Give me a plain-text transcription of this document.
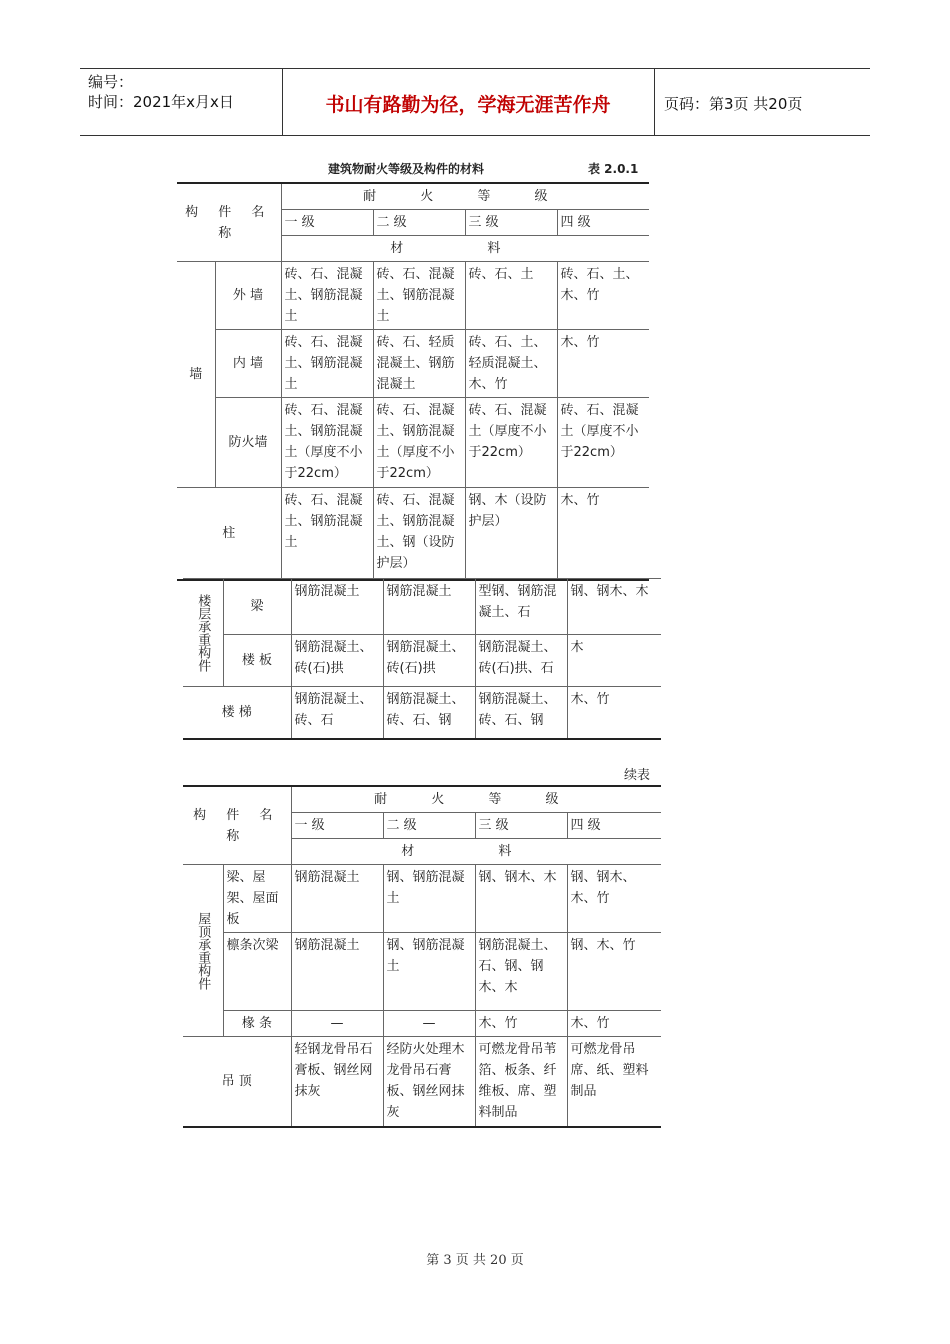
编号：
时间：2021年x月x日	书山有路勤为径，学海无涯苦作舟	页码：第3页 共20页
建筑物耐火等级及构件的材料	表 2.0.1
构 件 名 称		耐 火 等 级			
		一 级	二 级	三 级	四 级
		材 料			
墙	外 墙	砖、石、混凝土、钢筋混凝土	砖、石、混凝土、钢筋混凝土	砖、石、土	砖、石、土、木、竹
	内 墙	砖、石、混凝土、钢筋混凝土	砖、石、轻质混凝土、钢筋混凝土	砖、石、土、轻质混凝土、木、竹	木、竹
	防火墙	砖、石、混凝土、钢筋混凝土（厚度不小于22cm）	砖、石、混凝土、钢筋混凝土（厚度不小于22cm）	砖、石、混凝土（厚度不小于22cm）	砖、石、混凝土（厚度不小于22cm）
柱		砖、石、混凝土、钢筋混凝土	砖、石、混凝土、钢筋混凝土、钢（设防护层）	钢、木（设防护层）	木、竹
楼层承重构件	梁	钢筋混凝土	钢筋混凝土	型钢、钢筋混凝土、石	钢、钢木、木
	楼 板	钢筋混凝土、砖(石)拱	钢筋混凝土、砖(石)拱	钢筋混凝土、砖(石)拱、石	木
楼 梯		钢筋混凝土、砖、石	钢筋混凝土、砖、石、钢	钢筋混凝土、砖、石、钢	木、竹
续表
构 件 名 称		耐 火 等 级			
		一 级	二 级	三 级	四 级
		材 料			

屋顶承重构件	梁、屋架、屋面板	钢筋混凝土	钢、钢筋混凝土	钢、钢木、木	钢、钢木、木、竹
	檩条次梁	钢筋混凝土	钢、钢筋混凝土	钢筋混凝土、石、钢、钢木、木	钢、木、竹
	椽 条	—	—	木、竹	木、竹
吊 顶		轻钢龙骨吊石膏板、钢丝网抹灰	经防火处理木龙骨吊石膏板、钢丝网抹灰	可燃龙骨吊苇箔、板条、纤维板、席、塑料制品	可燃龙骨吊席、纸、塑料制品
第 3 页 共 20 页
